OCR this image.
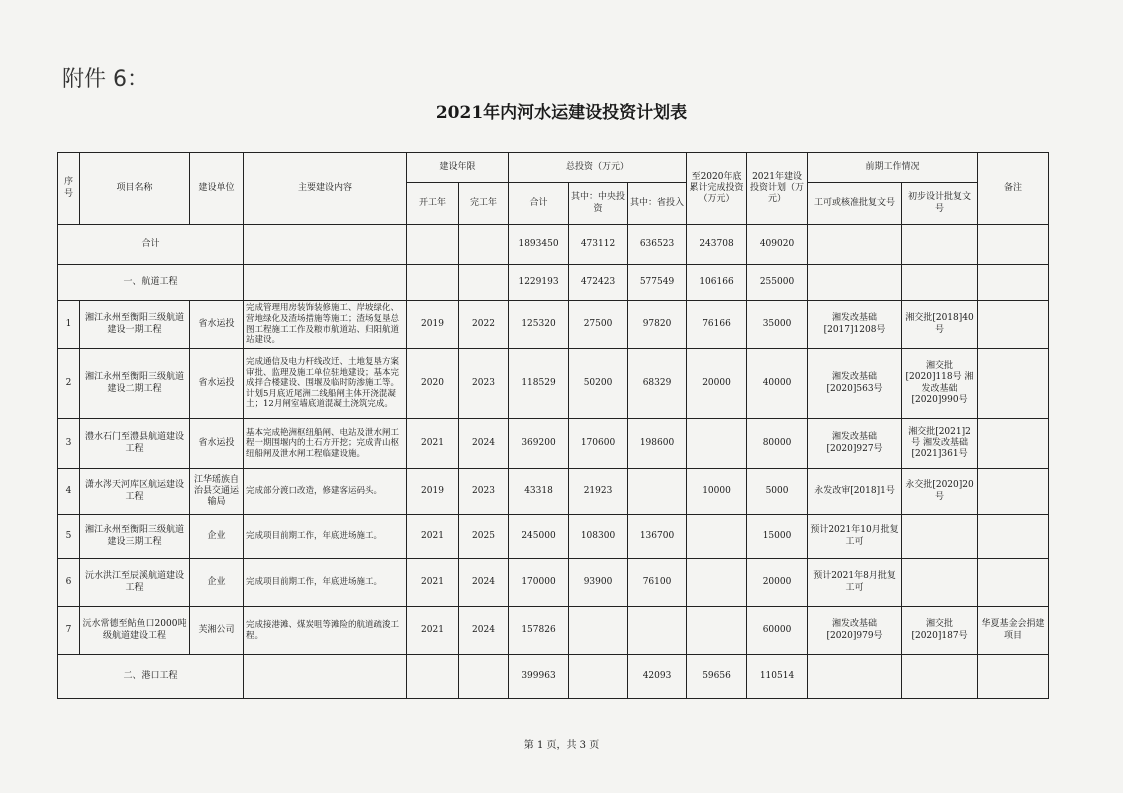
附件 6：
2021年内河水运建设投资计划表
序号	项目名称	建设单位	主要建设内容	建设年限		总投资（万元）			至2020年底累计完成投资（万元）	2021年建设投资计划（万元）	前期工作情况		备注
				开工年	完工年	合计	其中：中央投资	其中：省投入			工可或核准批复文号	初步设计批复文号	
合计						1893450	473112	636523	243708	409020			
一、航道工程						1229193	472423	577549	106166	255000			
1	湘江永州至衡阳三级航道建设一期工程	省水运投	完成管理用房装饰装修施工、岸坡绿化、营地绿化及渣场措施等施工；渣场复垦总图工程施工工作及粮市航道站、归阳航道站建设。	2019	2022	125320	27500	97820	76166	35000	湘发改基础[2017]1208号	湘交批[2018]40号	
2	湘江永州至衡阳三级航道建设二期工程	省水运投	完成通信及电力杆线改迁、土地复垦方案审批、监理及施工单位驻地建设；基本完成拌合楼建设、围堰及临时防渗施工等。计划5月底近尾洲二线船闸主体开浇混凝土；12月闸室墙底道混凝土浇筑完成。	2020	2023	118529	50200	68329	20000	40000	湘发改基础[2020]563号	湘交批[2020]118号 湘发改基础[2020]990号	
3	澧水石门至澧县航道建设工程	省水运投	基本完成艳洲枢纽船闸、电站及泄水闸工程一期围堰内的土石方开挖；完成青山枢纽船闸及泄水闸工程临建设施。	2021	2024	369200	170600	198600		80000	湘发改基础[2020]927号	湘交批[2021]2号 湘发改基础[2021]361号	
4	潇水涔天河库区航运建设工程	江华瑶族自治县交通运输局	完成部分渡口改造，修建客运码头。	2019	2023	43318	21923		10000	5000	永发改审[2018]1号	永交批[2020]20号	
5	湘江永州至衡阳三级航道建设三期工程	企业	完成项目前期工作，年底进场施工。	2021	2025	245000	108300	136700		15000	预计2021年10月批复工可		
6	沅水洪江至辰溪航道建设工程	企业	完成项目前期工作，年底进场施工。	2021	2024	170000	93900	76100		20000	预计2021年8月批复工可		
7	沅水常德至鲇鱼口2000吨级航道建设工程	芙湘公司	完成接港滩、煤炭咀等滩险的航道疏浚工程。	2021	2024	157826				60000	湘发改基础[2020]979号	湘交批[2020]187号	华夏基金会捐建项目
二、港口工程						399963		42093	59656	110514			
第 1 页，共 3 页
